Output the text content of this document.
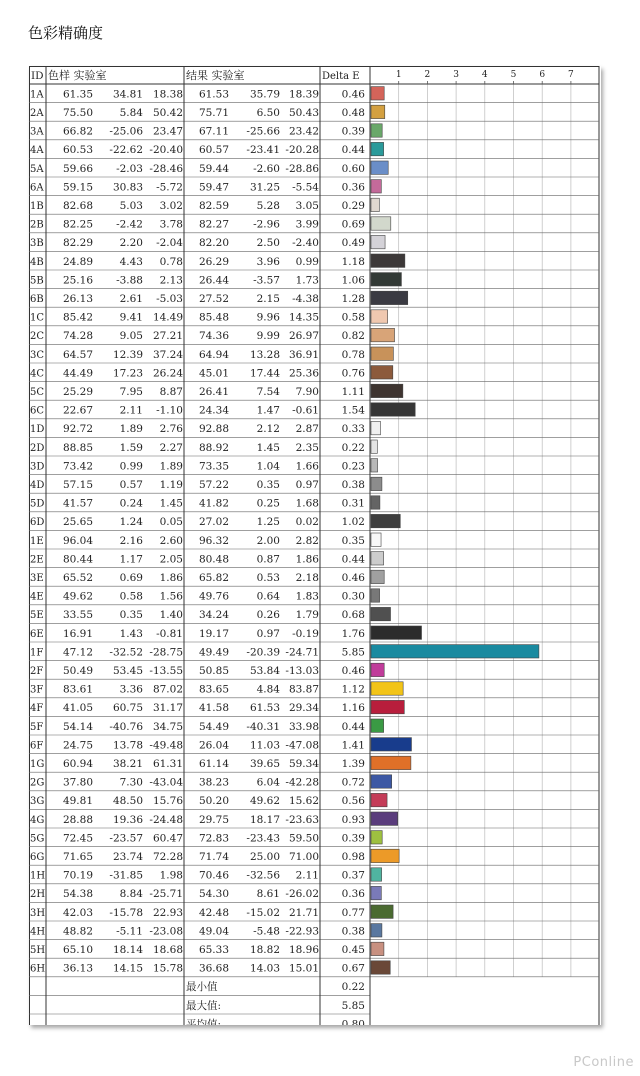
色彩精确度
ID 色样 实验室	结果 实验室	Delta E	1	2	3	4	5	6	7
1A 61.35 34.81 18.38 61.53 35.79 18.39 0.46
2A 75.50	5.84 50.42 75.71	6.50 50.43 0.48
3A 66.82 -25.06 23.47 67.11 -25.66 23.42 0.39
4A 60.53 -22.62 -20.40 60.57 -23.41 -20.28 0.44
5A 59.66 -2.03 -28.46 59.44 -2.60 -28.86 0.60
6A 59.15 30.83 -5.72 59.47 31.25 -5.54 0.36
1B 82.68	5.03 3.02 82.59	5.28 3.05 0.29
2B 82.25 -2.42 3.78 82.27 -2.96 3.99 0.69
3B 82.29	2.20 -2.04 82.20	2.50 -2.40 0.49
4B 24.89	4.43 0.78 26.29	3.96 0.99 1.18
5B 25.16 -3.88 2.13 26.44 -3.57 1.73 1.06
6B 26.13	2.61 -5.03 27.52	2.15 -4.38 1.28
1C 85.42	9.41 14.49 85.48	9.96 14.35 0.58
2C 74.28	9.05 27.21 74.36	9.99 26.97 0.82
3C 64.57 12.39 37.24 64.94 13.28 36.91 0.78
4C 44.49 17.23 26.24 45.01 17.44 25.36 0.76
5C 25.29	7.95 8.87 26.41	7.54 7.90 1.11
6C 22.67	2.11 -1.10 24.34	1.47 -0.61 1.54
1D 92.72	1.89 2.76 92.88	2.12 2.87 0.33
2D 88.85	1.59 2.27 88.92	1.45 2.35 0.22
3D 73.42	0.99 1.89 73.35	1.04 1.66 0.23
4D 57.15	0.57 1.19 57.22	0.35 0.97 0.38
5D 41.57	0.24 1.45 41.82	0.25 1.68 0.31
6D 25.65	1.24 0.05 27.02	1.25 0.02 1.02
1E 96.04	2.16 2.60 96.32	2.00 2.82 0.35
2E 80.44	1.17 2.05 80.48	0.87 1.86 0.44
3E 65.52	0.69 1.86 65.82	0.53 2.18 0.46
4E 49.62	0.58 1.56 49.76	0.64 1.83 0.30
5E 33.55	0.35 1.40 34.24	0.26 1.79 0.68
6E 16.91	1.43 -0.81 19.17	0.97 -0.19 1.76
1F 47.12 -32.52 -28.75 49.49 -20.39 -24.71 5.85
2F 50.49 53.45 -13.55 50.85 53.84 -13.03 0.46
3F 83.61	3.36 87.02 83.65	4.84 83.87 1.12
4F 41.05 60.75 31.17 41.58 61.53 29.34 1.16
5F 54.14 -40.76 34.75 54.49 -40.31 33.98 0.44
6F 24.75 13.78 -49.48 26.04 11.03 -47.08 1.41
1G 60.94 38.21 61.31 61.14 39.65 59.34 1.39
2G 37.80	7.30 -43.04 38.23	6.04 -42.28 0.72
3G 49.81 48.50 15.76 50.20 49.62 15.62 0.56
4G 28.88 19.36 -24.48 29.75 18.17 -23.63 0.93
5G 72.45 -23.57 60.47 72.83 -23.43 59.50 0.39
6G 71.65 23.74 72.28 71.74 25.00 71.00 0.98
1H 70.19 -31.85 1.98 70.46 -32.56 2.11 0.37
2H 54.38	8.84 -25.71 54.30	8.61 -26.02 0.36
3H 42.03 -15.78 22.93 42.48 -15.02 21.71 0.77
4H 48.82 -5.11 -23.08 49.04 -5.48 -22.93 0.38
5H 65.10 18.14 18.68 65.33 18.82 18.96 0.45
6H 36.13 14.15 15.78 36.68 14.03 15.01 0.67
最小值	0.22
最大值:	5.85
平均值:	0.80
PConline
